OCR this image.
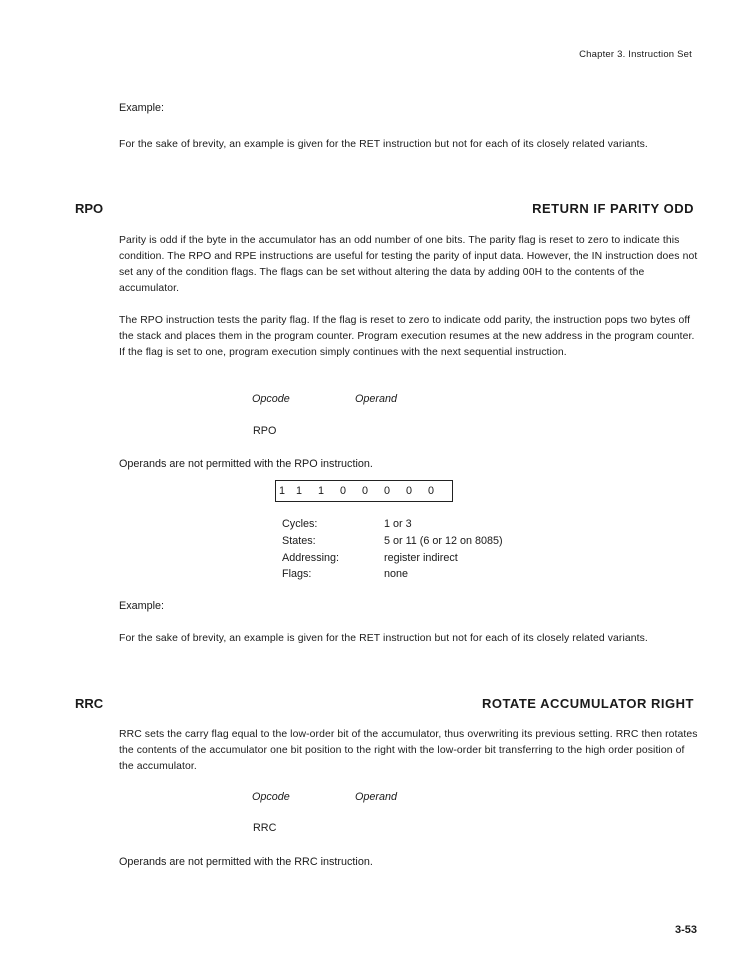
Chapter 3. Instruction Set
Example:
For the sake of brevity, an example is given for the RET instruction but not for each of its closely related variants.
RPO	RETURN IF PARITY ODD
Parity is odd if the byte in the accumulator has an odd number of one bits. The parity flag is reset to zero to indicate this condition. The RPO and RPE instructions are useful for testing the parity of input data. However, the IN instruction does not set any of the condition flags. The flags can be set without altering the data by adding 00H to the contents of the accumulator.
The RPO instruction tests the parity flag. If the flag is reset to zero to indicate odd parity, the instruction pops two bytes off the stack and places them in the program counter. Program execution resumes at the new address in the program counter. If the flag is set to one, program execution simply continues with the next sequential instruction.
Opcode	Operand
RPO
Operands are not permitted with the RPO instruction.
1	1	1	0	0	0	0	0
Cycles:	1 or 3
States:	5 or 11 (6 or 12 on 8085)
Addressing:	register indirect
Flags:	none
Example:
For the sake of brevity, an example is given for the RET instruction but not for each of its closely related variants.
RRC	ROTATE ACCUMULATOR RIGHT
RRC sets the carry flag equal to the low-order bit of the accumulator, thus overwriting its previous setting. RRC then rotates the contents of the accumulator one bit position to the right with the low-order bit transferring to the high order position of the accumulator.
Opcode	Operand
RRC
Operands are not permitted with the RRC instruction.
3-53
